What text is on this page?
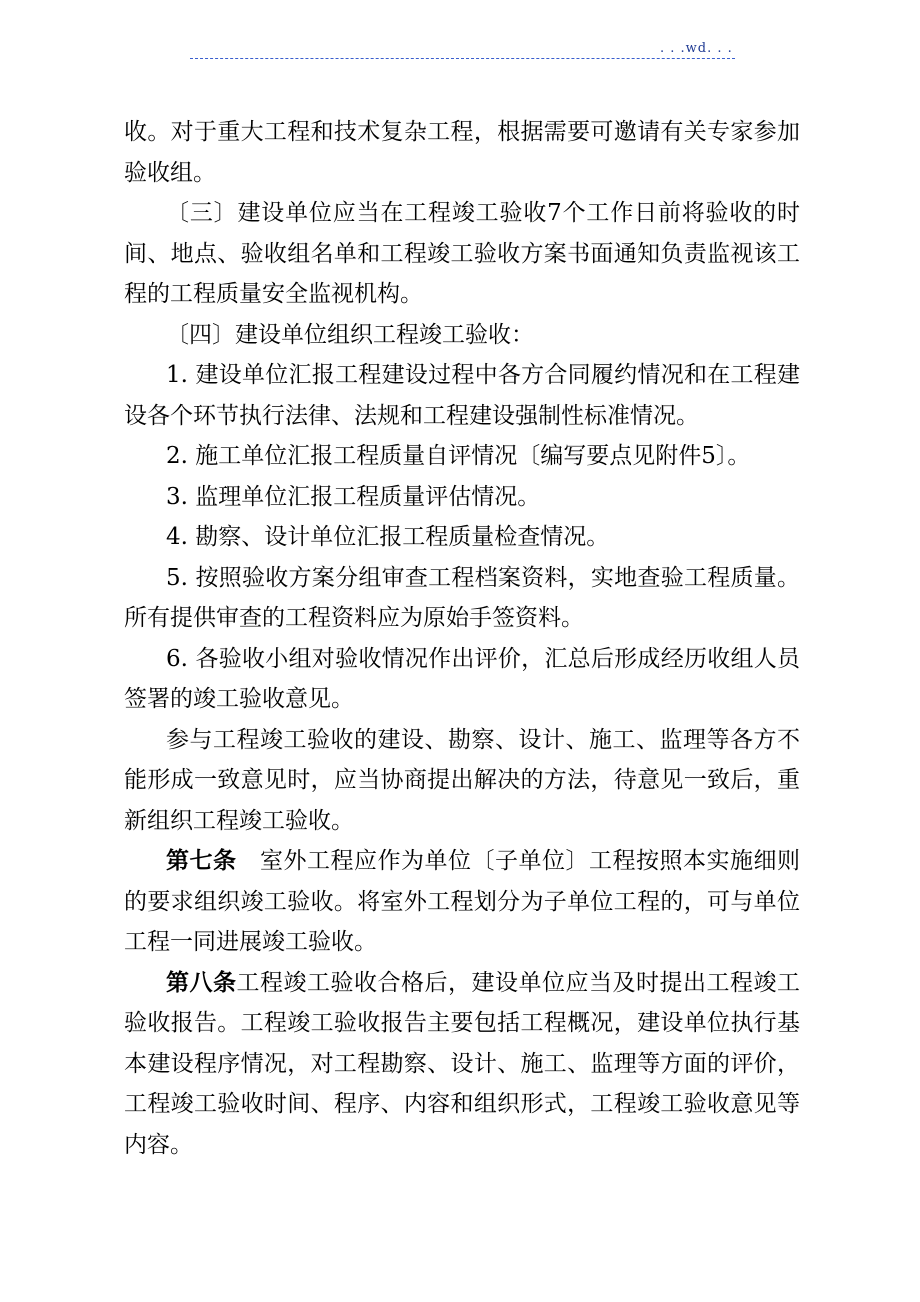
. . .wd. . .

收。对于重大工程和技术复杂工程，根据需要可邀请有关专家参加验收组。

〔三〕建设单位应当在工程竣工验收7个工作日前将验收的时间、地点、验收组名单和工程竣工验收方案书面通知负责监视该工程的工程质量安全监视机构。

〔四〕建设单位组织工程竣工验收：

1. 建设单位汇报工程建设过程中各方合同履约情况和在工程建设各个环节执行法律、法规和工程建设强制性标准情况。

2. 施工单位汇报工程质量自评情况〔编写要点见附件5〕。

3. 监理单位汇报工程质量评估情况。

4. 勘察、设计单位汇报工程质量检查情况。

5. 按照验收方案分组审查工程档案资料，实地查验工程质量。所有提供审查的工程资料应为原始手签资料。

6. 各验收小组对验收情况作出评价，汇总后形成经历收组人员签署的竣工验收意见。

参与工程竣工验收的建设、勘察、设计、施工、监理等各方不能形成一致意见时，应当协商提出解决的方法，待意见一致后，重新组织工程竣工验收。

第七条　室外工程应作为单位〔子单位〕工程按照本实施细则的要求组织竣工验收。将室外工程划分为子单位工程的，可与单位工程一同进展竣工验收。

第八条工程竣工验收合格后，建设单位应当及时提出工程竣工验收报告。工程竣工验收报告主要包括工程概况，建设单位执行基本建设程序情况，对工程勘察、设计、施工、监理等方面的评价，工程竣工验收时间、程序、内容和组织形式，工程竣工验收意见等内容。
